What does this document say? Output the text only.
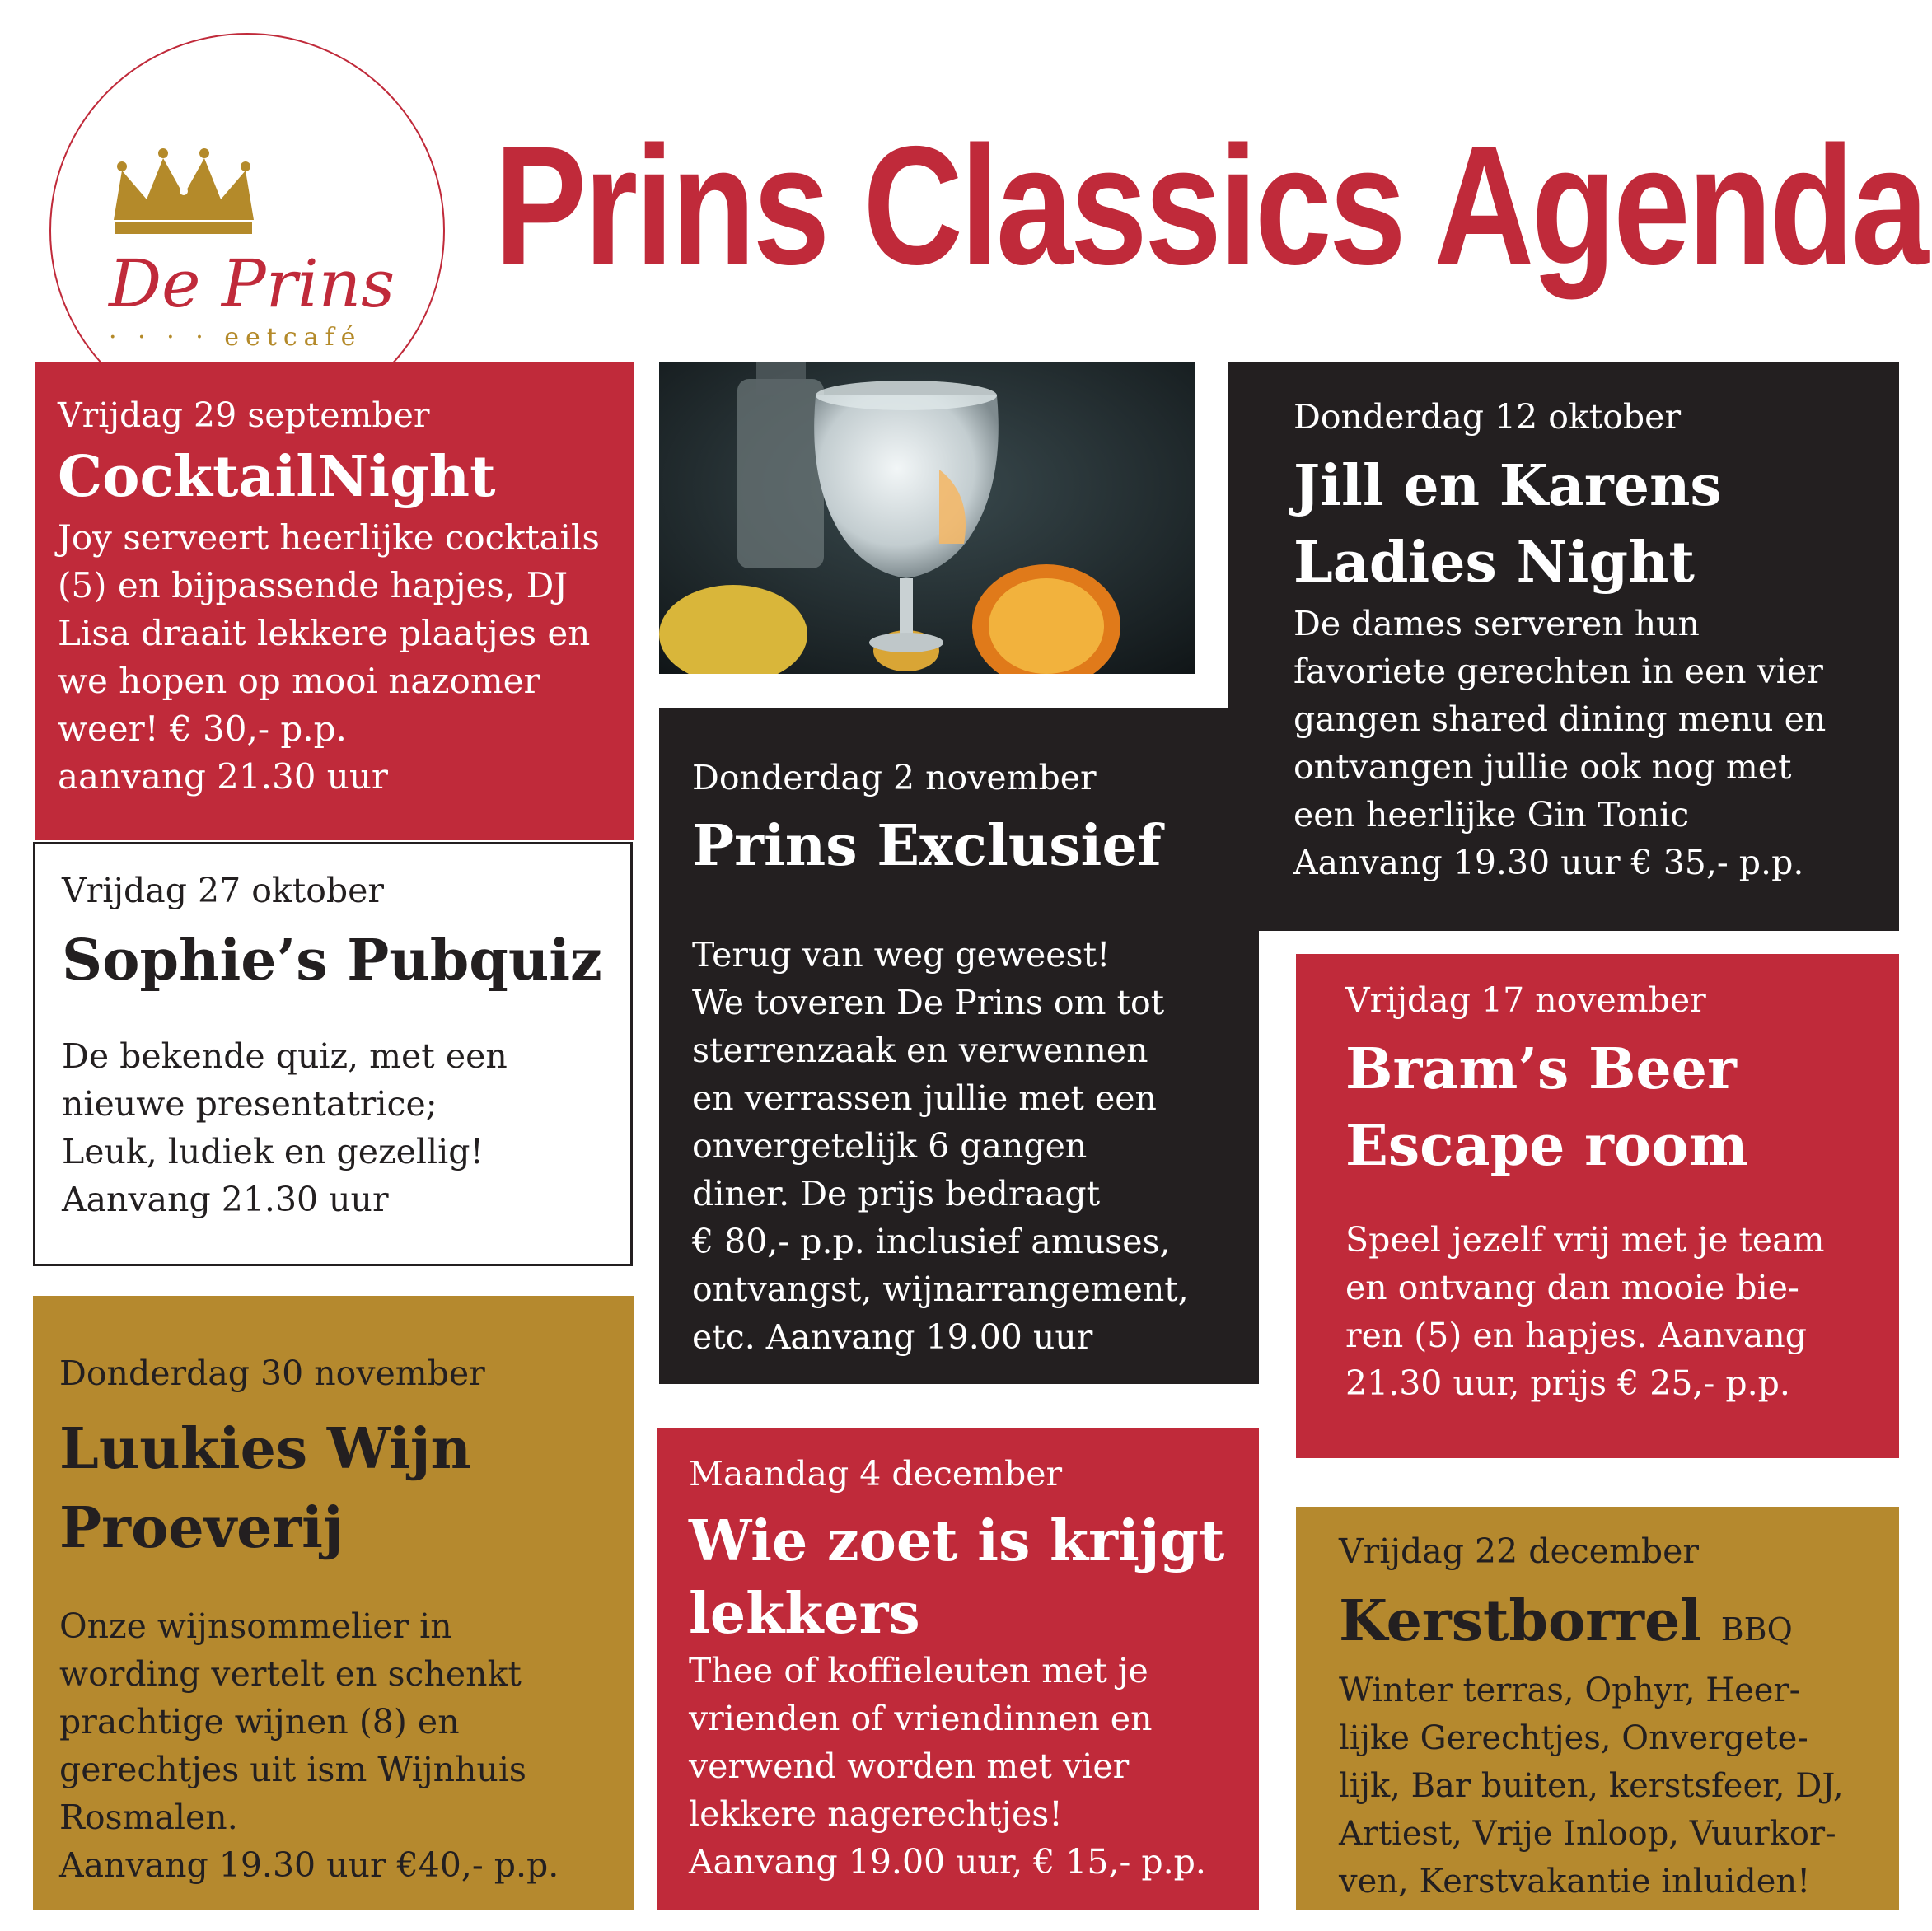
De Prins
· · · · eetcafé
Prins Classics Agenda
Vrijdag 29 september
CocktailNight
Joy serveert heerlijke cocktails
(5) en bijpassende hapjes, DJ
Lisa draait lekkere plaatjes en
we hopen op mooi nazomer
weer! € 30,- p.p.
aanvang 21.30 uur
Vrijdag 27 oktober
Sophie’s Pubquiz
De bekende quiz, met een
nieuwe presentatrice;
Leuk, ludiek en gezellig!
Aanvang 21.30 uur
Donderdag 30 november
Luukies Wijn
Proeverij
Onze wijnsommelier in
wording vertelt en schenkt
prachtige wijnen (8) en
gerechtjes uit ism Wijnhuis
Rosmalen.
Aanvang 19.30 uur €40,- p.p.
Donderdag 2 november
Prins Exclusief
Terug van weg geweest!
We toveren De Prins om tot
sterrenzaak en verwennen
en verrassen jullie met een
onvergetelijk 6 gangen
diner. De prijs bedraagt
€ 80,- p.p. inclusief amuses,
ontvangst, wijnarrangement,
etc. Aanvang 19.00 uur
Maandag 4 december
Wie zoet is krijgt
lekkers
Thee of koffieleuten met je
vrienden of vriendinnen en
verwend worden met vier
lekkere nagerechtjes!
Aanvang 19.00 uur, € 15,- p.p.
Donderdag 12 oktober
Jill en Karens
Ladies Night
De dames serveren hun
favoriete gerechten in een vier
gangen shared dining menu en
ontvangen jullie ook nog met
een heerlijke Gin Tonic
Aanvang 19.30 uur € 35,- p.p.
Vrijdag 17 november
Bram’s Beer
Escape room
Speel jezelf vrij met je team
en ontvang dan mooie bie-
ren (5) en hapjes. Aanvang
21.30 uur, prijs € 25,- p.p.
Vrijdag 22 december
Kerstborrel BBQ
Winter terras, Ophyr, Heer-
lijke Gerechtjes, Onvergete-
lijk, Bar buiten, kerstsfeer, DJ,
Artiest, Vrije Inloop, Vuurkor-
ven, Kerstvakantie inluiden!
